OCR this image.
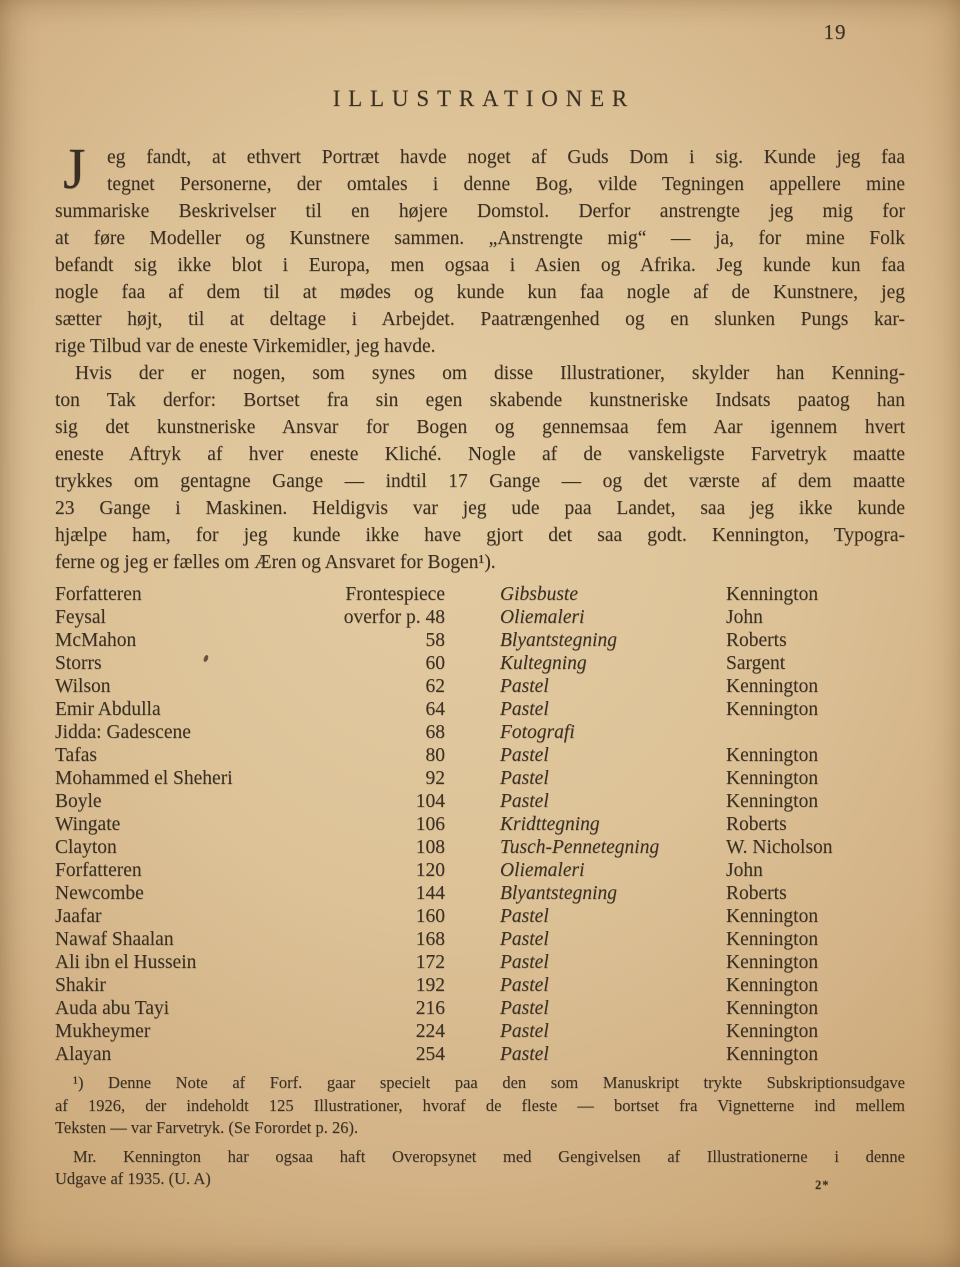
19
ILLUSTRATIONER
J	eg fandt, at ethvert Portræt havde noget af Guds Dom i sig. Kunde jeg faa
tegnet Personerne, der omtales i denne Bog, vilde Tegningen appellere mine
summariske Beskrivelser til en højere Domstol. Derfor anstrengte jeg mig for
at føre Modeller og Kunstnere sammen. „Anstrengte mig“ — ja, for mine Folk
befandt sig ikke blot i Europa, men ogsaa i Asien og Afrika. Jeg kunde kun faa
nogle faa af dem til at mødes og kunde kun faa nogle af de Kunstnere, jeg
sætter højt, til at deltage i Arbejdet. Paatrængenhed og en slunken Pungs kar-
rige Tilbud var de eneste Virkemidler, jeg havde.
Hvis der er nogen, som synes om disse Illustrationer, skylder han Kenning-
ton Tak derfor: Bortset fra sin egen skabende kunstneriske Indsats paatog han
sig det kunstneriske Ansvar for Bogen og gennemsaa fem Aar igennem hvert
eneste Aftryk af hver eneste Kliché. Nogle af de vanskeligste Farvetryk maatte
trykkes om gentagne Gange — indtil 17 Gange — og det værste af dem maatte
23 Gange i Maskinen. Heldigvis var jeg ude paa Landet, saa jeg ikke kunde
hjælpe ham, for jeg kunde ikke have gjort det saa godt. Kennington, Typogra-
ferne og jeg er fælles om Æren og Ansvaret for Bogen¹).
Forfatteren	Frontespiece	Gibsbuste	Kennington
Feysal	overfor p. 48	Oliemaleri	John
McMahon	58	Blyantstegning	Roberts
Storrs	60	Kultegning	Sargent
Wilson	62	Pastel	Kennington
Emir Abdulla	64	Pastel	Kennington
Jidda: Gadescene	68	Fotografi
Tafas	80	Pastel	Kennington
Mohammed el Sheheri	92	Pastel	Kennington
Boyle	104	Pastel	Kennington
Wingate	106	Kridttegning	Roberts
Clayton	108	Tusch-Pennetegning	W. Nicholson
Forfatteren	120	Oliemaleri	John
Newcombe	144	Blyantstegning	Roberts
Jaafar	160	Pastel	Kennington
Nawaf Shaalan	168	Pastel	Kennington
Ali ibn el Hussein	172	Pastel	Kennington
Shakir	192	Pastel	Kennington
Auda abu Tayi	216	Pastel	Kennington
Mukheymer	224	Pastel	Kennington
Alayan	254	Pastel	Kennington
¹) Denne Note af Forf. gaar specielt paa den som Manuskript trykte Subskriptionsudgave
af 1926, der indeholdt 125 Illustrationer, hvoraf de fleste — bortset fra Vignetterne ind mellem
Teksten — var Farvetryk. (Se Forordet p. 26).
Mr. Kennington har ogsaa haft Overopsynet med Gengivelsen af Illustrationerne i denne
Udgave af 1935. (U. A)	2*
